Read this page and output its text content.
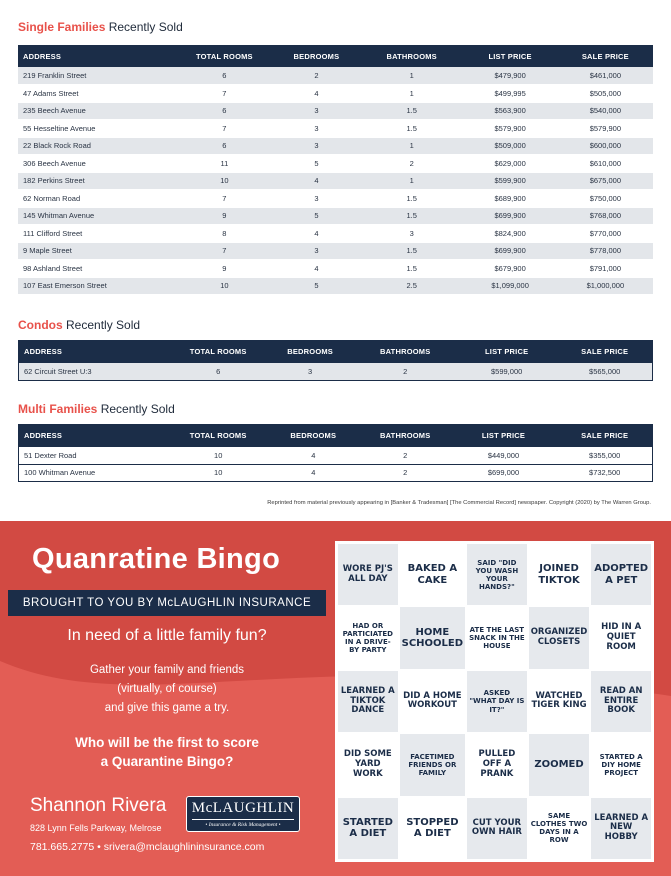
Single Families Recently Sold
ADDRESS	TOTAL ROOMS	BEDROOMS	BATHROOMS	LIST PRICE	SALE PRICE
219 Franklin Street	6	2	1	$479,900	$461,000
47 Adams Street	7	4	1	$499,995	$505,000
235 Beech Avenue	6	3	1.5	$563,900	$540,000
55 Hesseltine Avenue	7	3	1.5	$579,900	$579,900
22 Black Rock Road	6	3	1	$509,000	$600,000
306 Beech Avenue	11	5	2	$629,000	$610,000
182 Perkins Street	10	4	1	$599,900	$675,000
62 Norman Road	7	3	1.5	$689,900	$750,000
145 Whitman Avenue	9	5	1.5	$699,900	$768,000
111 Clifford Street	8	4	3	$824,900	$770,000
9 Maple Street	7	3	1.5	$699,900	$778,000
98 Ashland Street	9	4	1.5	$679,900	$791,000
107 East Emerson Street	10	5	2.5	$1,099,000	$1,000,000
Condos Recently Sold
ADDRESS	TOTAL ROOMS	BEDROOMS	BATHROOMS	LIST PRICE	SALE PRICE
62 Circuit Street U:3	6	3	2	$599,000	$565,000
Multi Families Recently Sold
ADDRESS	TOTAL ROOMS	BEDROOMS	BATHROOMS	LIST PRICE	SALE PRICE
51 Dexter Road	10	4	2	$449,000	$355,000
100 Whitman Avenue	10	4	2	$699,000	$732,500
Reprinted from material previously appearing in [Banker & Tradesman] [The Commercial Record] newspaper. Copyright (2020) by The Warren Group.
Quanratine Bingo
BROUGHT TO YOU BY McLAUGHLIN INSURANCE
In need of a little family fun?
Gather your family and friends
(virtually, of course)
and give this game a try.
Who will be the first to score
a Quarantine Bingo?
Shannon Rivera
828 Lynn Fells Parkway, Melrose
781.665.2775 • srivera@mclaughlininsurance.com
McLAUGHLIN
• Insurance & Risk Management •
WORE PJ'S ALL DAY
BAKED A CAKE
SAID "DID YOU WASH YOUR HANDS?"
JOINED TIKTOK
ADOPTED A PET
HAD OR PARTICIATED IN A DRIVE-BY PARTY
HOME SCHOOLED
ATE THE LAST SNACK IN THE HOUSE
ORGANIZED CLOSETS
HID IN A QUIET ROOM
LEARNED A TIKTOK DANCE
DID A HOME WORKOUT
ASKED "WHAT DAY IS IT?"
WATCHED TIGER KING
READ AN ENTIRE BOOK
DID SOME YARD WORK
FACETIMED FRIENDS OR FAMILY
PULLED OFF A PRANK
ZOOMED
STARTED A DIY HOME PROJECT
STARTED A DIET
STOPPED A DIET
CUT YOUR OWN HAIR
SAME CLOTHES TWO DAYS IN A ROW
LEARNED A NEW HOBBY
